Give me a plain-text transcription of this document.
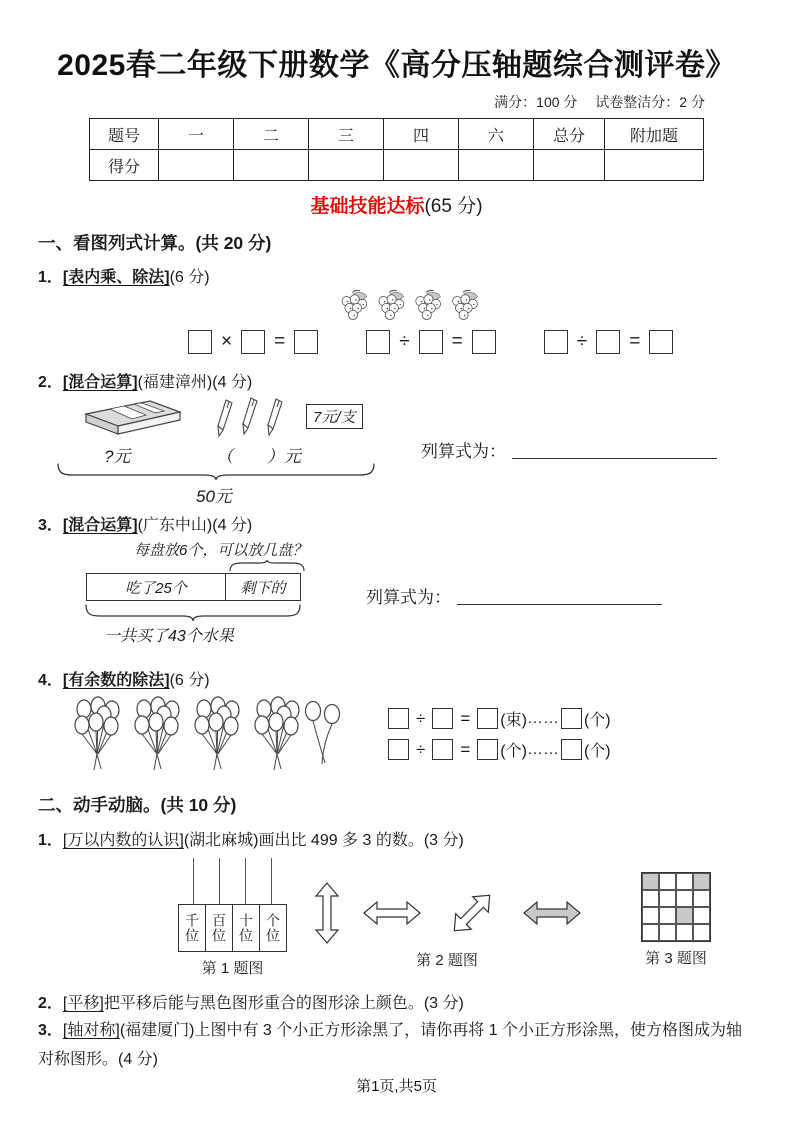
2025春二年级下册数学《高分压轴题综合测评卷》
满分：100 分　 试卷整洁分：2 分
题号	一	二	三	四	六	总分	附加题
得分							
基础技能达标(65 分)
一、看图列式计算。(共 20 分)
1．[表内乘、除法](6 分)
× =	÷ =	÷ =
2．[混合运算](福建漳州)(4 分)
7元/支
?元	（　　）元
50元
列算式为：
3．[混合运算](广东中山)(4 分)
每盘放6个，可以放几盘？
吃了25个	剩下的
一共买了43个水果
列算式为：
4．[有余数的除法](6 分)
÷ = (束) …… (个)
÷ = (个) …… (个)
二、动手动脑。(共 10 分)
1．[万以内数的认识](湖北麻城)画出比 499 多 3 的数。(3 分)
千位 百位 十位 个位
第 1 题图	第 2 题图	第 3 题图
2．[平移]把平移后能与黑色图形重合的图形涂上颜色。(3 分)
3．[轴对称](福建厦门)上图中有 3 个小正方形涂黑了，请你再将 1 个小正方形涂黑，使方格图成为轴对称图形。(4 分)
第1页,共5页
